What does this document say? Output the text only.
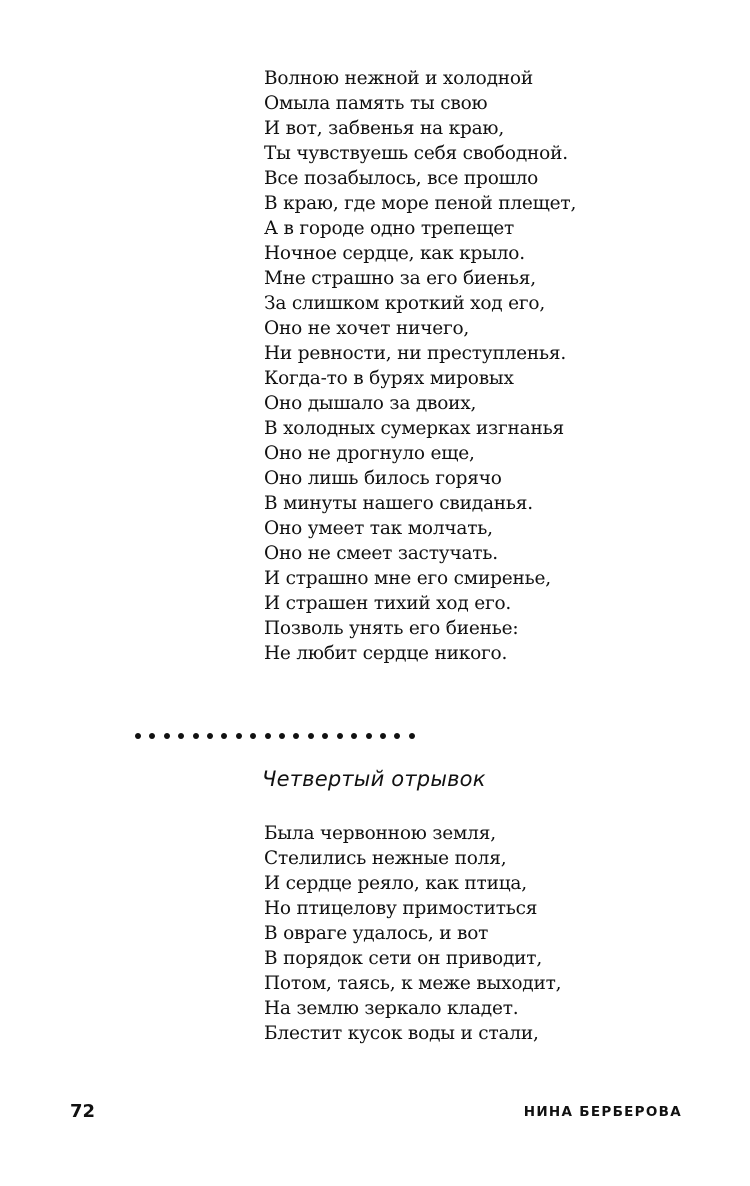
Волною нежной и холодной
Омыла память ты свою
И вот, забвенья на краю,
Ты чувствуешь себя свободной.
Все позабылось, все прошло
В краю, где море пеной плещет,
А в городе одно трепещет
Ночное сердце, как крыло.
Мне страшно за его биенья,
За слишком кроткий ход его,
Оно не хочет ничего,
Ни ревности, ни преступленья.
Когда-то в бурях мировых
Оно дышало за двоих,
В холодных сумерках изгнанья
Оно не дрогнуло еще,
Оно лишь билось горячо
В минуты нашего свиданья.
Оно умеет так молчать,
Оно не смеет застучать.
И страшно мне его смиренье,
И страшен тихий ход его.
Позволь унять его биенье:
Не любит сердце никого.
Четвертый отрывок
Была червонною земля,
Стелились нежные поля,
И сердце реяло, как птица,
Но птицелову примоститься
В овраге удалось, и вот
В порядок сети он приводит,
Потом, таясь, к меже выходит,
На землю зеркало кладет.
Блестит кусок воды и стали,
72	НИНА БЕРБЕРОВА
